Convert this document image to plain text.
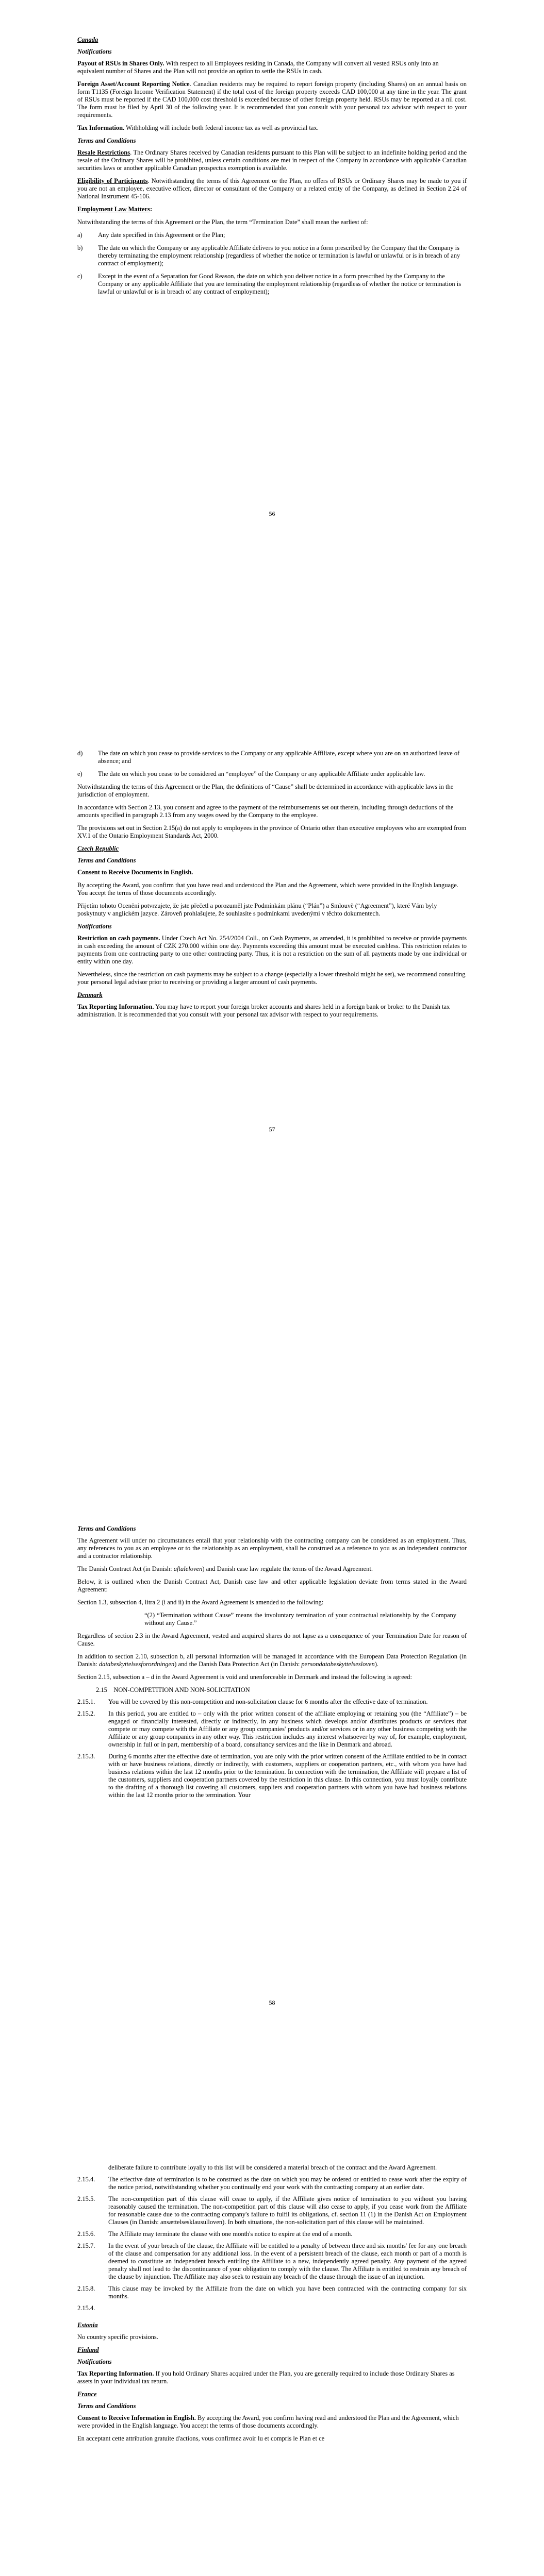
Canada
Notifications

Payout of RSUs in Shares Only. With respect to all Employees residing in Canada, the Company will convert all vested RSUs only into an equivalent number of Shares and the Plan will not provide an option to settle the RSUs in cash.

Foreign Asset/Account Reporting Notice. Canadian residents may be required to report foreign property (including Shares) on an annual basis on form T1135 (Foreign Income Verification Statement) if the total cost of the foreign property exceeds CAD 100,000 at any time in the year. The grant of RSUs must be reported if the CAD 100,000 cost threshold is exceeded because of other foreign property held. RSUs may be reported at a nil cost. The form must be filed by April 30 of the following year. It is recommended that you consult with your personal tax advisor with respect to your requirements.

Tax Information. Withholding will include both federal income tax as well as provincial tax.

Terms and Conditions

Resale Restrictions. The Ordinary Shares received by Canadian residents pursuant to this Plan will be subject to an indefinite holding period and the resale of the Ordinary Shares will be prohibited, unless certain conditions are met in respect of the Company in accordance with applicable Canadian securities laws or another applicable Canadian prospectus exemption is available.

Eligibility of Participants. Notwithstanding the terms of this Agreement or the Plan, no offers of RSUs or Ordinary Shares may be made to you if you are not an employee, executive officer, director or consultant of the Company or a related entity of the Company, as defined in Section 2.24 of National Instrument 45-106.

Employment Law Matters:

Notwithstanding the terms of this Agreement or the Plan, the term “Termination Date” shall mean the earliest of:

a)	Any date specified in this Agreement or the Plan;
b)	The date on which the Company or any applicable Affiliate delivers to you notice in a form prescribed by the Company that the Company is thereby terminating the employment relationship (regardless of whether the notice or termination is lawful or unlawful or is in breach of any contract of employment);
c)	Except in the event of a Separation for Good Reason, the date on which you deliver notice in a form prescribed by the Company to the Company or any applicable Affiliate that you are terminating the employment relationship (regardless of whether the notice or termination is lawful or unlawful or is in breach of any contract of employment);
56
d)	The date on which you cease to provide services to the Company or any applicable Affiliate, except where you are on an authorized leave of absence; and
e)	The date on which you cease to be considered an “employee” of the Company or any applicable Affiliate under applicable law.

Notwithstanding the terms of this Agreement or the Plan, the definitions of “Cause” shall be determined in accordance with applicable laws in the jurisdiction of employment.

In accordance with Section 2.13, you consent and agree to the payment of the reimbursements set out therein, including through deductions of the amounts specified in paragraph 2.13 from any wages owed by the Company to the employee.

The provisions set out in Section 2.15(a) do not apply to employees in the province of Ontario other than executive employees who are exempted from XV.1 of the Ontario Employment Standards Act, 2000.

Czech Republic
Terms and Conditions

Consent to Receive Documents in English.

By accepting the Award, you confirm that you have read and understood the Plan and the Agreement, which were provided in the English language. You accept the terms of those documents accordingly.

Přijetím tohoto Ocenění potvrzujete, že jste přečetl a porozuměl jste Podmínkám plánu (“Plán”) a Smlouvě (“Agreement”), které Vám byly poskytnuty v anglickém jazyce. Zároveň prohlašujete, že souhlasíte s podmínkami uvedenými v těchto dokumentech.

Notifications

Restriction on cash payments. Under Czech Act No. 254/2004 Coll., on Cash Payments, as amended, it is prohibited to receive or provide payments in cash exceeding the amount of CZK 270.000 within one day. Payments exceeding this amount must be executed cashless. This restriction relates to payments from one contracting party to one other contracting party. Thus, it is not a restriction on the sum of all payments made by one individual or entity within one day.

Nevertheless, since the restriction on cash payments may be subject to a change (especially a lower threshold might be set), we recommend consulting your personal legal advisor prior to receiving or providing a larger amount of cash payments.

Denmark

Tax Reporting Information. You may have to report your foreign broker accounts and shares held in a foreign bank or broker to the Danish tax administration. It is recommended that you consult with your personal tax advisor with respect to your requirements.

57
Terms and Conditions

The Agreement will under no circumstances entail that your relationship with the contracting company can be considered as an employment. Thus, any references to you as an employee or to the relationship as an employment, shall be construed as a reference to you as an independent contractor and a contractor relationship.

The Danish Contract Act (in Danish: aftaleloven) and Danish case law regulate the terms of the Award Agreement.

Below, it is outlined when the Danish Contract Act, Danish case law and other applicable legislation deviate from terms stated in the Award Agreement:

Section 1.3, subsection 4, litra 2 (i and ii) in the Award Agreement is amended to the following:

“(2) “Termination without Cause” means the involuntary termination of your contractual relationship by the Company without any Cause.”

Regardless of section 2.3 in the Award Agreement, vested and acquired shares do not lapse as a consequence of your Termination Date for reason of Cause.

In addition to section 2.10, subsection b, all personal information will be managed in accordance with the European Data Protection Regulation (in Danish: databeskyttelsesforordningen) and the Danish Data Protection Act (in Danish: persondatabeskyttelsesloven).

Section 2.15, subsection a – d in the Award Agreement is void and unenforceable in Denmark and instead the following is agreed:

2.15    NON-COMPETITION AND NON-SOLICITATION
2.15.1.	You will be covered by this non-competition and non-solicitation clause for 6 months after the effective date of termination.
2.15.2.	In this period, you are entitled to – only with the prior written consent of the affiliate employing or retaining you (the “Affiliate”) – be engaged or financially interested, directly or indirectly, in any business which develops and/or distributes products or services that compete or may compete with the Affiliate or any group companies' products and/or services or in any other business competing with the Affiliate or any group companies in any other way. This restriction includes any interest whatsoever by way of, for example, employment, ownership in full or in part, membership of a board, consultancy services and the like in Denmark and abroad.
2.15.3.	During 6 months after the effective date of termination, you are only with the prior written consent of the Affiliate entitled to be in contact with or have business relations, directly or indirectly, with customers, suppliers or cooperation partners, etc., with whom you have had business relations within the last 12 months prior to the termination. In connection with the termination, the Affiliate will prepare a list of the customers, suppliers and cooperation partners covered by the restriction in this clause. In this connection, you must loyally contribute to the drafting of a thorough list covering all customers, suppliers and cooperation partners with whom you have had business relations within the last 12 months prior to the termination. Your
58
deliberate failure to contribute loyally to this list will be considered a material breach of the contract and the Award Agreement.
2.15.4.	The effective date of termination is to be construed as the date on which you may be ordered or entitled to cease work after the expiry of the notice period, notwithstanding whether you continually end your work with the contracting company at an earlier date.
2.15.5.	The non-competition part of this clause will cease to apply, if the Affiliate gives notice of termination to you without you having reasonably caused the termination. The non-competition part of this clause will also cease to apply, if you cease work from the Affiliate for reasonable cause due to the contracting company's failure to fulfil its obligations, cf. section 11 (1) in the Danish Act on Employment Clauses (in Danish: ansættelsesklausulloven). In both situations, the non-solicitation part of this clause will be maintained.
2.15.6.	The Affiliate may terminate the clause with one month's notice to expire at the end of a month.
2.15.7.	In the event of your breach of the clause, the Affiliate will be entitled to a penalty of between three and six months' fee for any one breach of the clause and compensation for any additional loss. In the event of a persistent breach of the clause, each month or part of a month is deemed to constitute an independent breach entitling the Affiliate to a new, independently agreed penalty. Any payment of the agreed penalty shall not lead to the discontinuance of your obligation to comply with the clause. The Affiliate is entitled to restrain any breach of the clause by injunction. The Affiliate may also seek to restrain any breach of the clause through the issue of an injunction.
2.15.8.	This clause may be invoked by the Affiliate from the date on which you have been contracted with the contracting company for six months.
2.15.4.
Estonia

No country specific provisions.

Finland
Notifications

Tax Reporting Information. If you hold Ordinary Shares acquired under the Plan, you are generally required to include those Ordinary Shares as assets in your individual tax return.

France
Terms and Conditions

Consent to Receive Information in English. By accepting the Award, you confirm having read and understood the Plan and the Agreement, which were provided in the English language. You accept the terms of those documents accordingly.

En acceptant cette attribution gratuite d'actions, vous confirmez avoir lu et compris le Plan et ce
